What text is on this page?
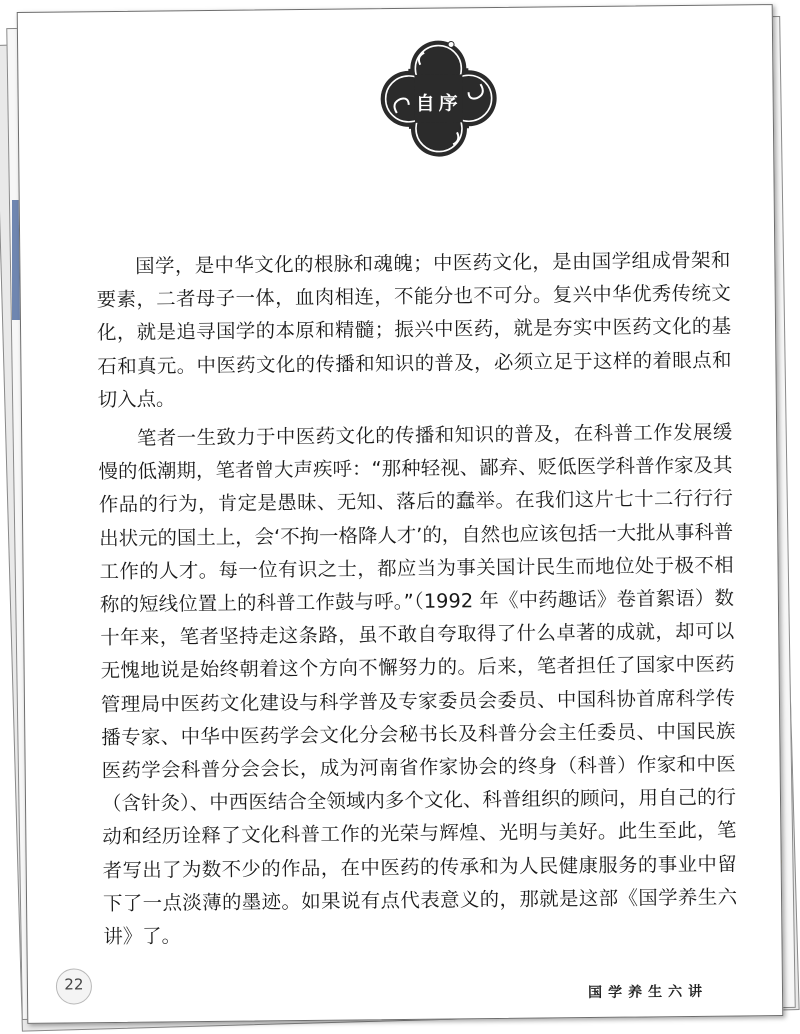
自序

国学，是中华文化的根脉和魂魄；中医药文化，是由国学组成骨架和要素，二者母子一体，血肉相连，不能分也不可分。复兴中华优秀传统文化，就是追寻国学的本原和精髓；振兴中医药，就是夯实中医药文化的基石和真元。中医药文化的传播和知识的普及，必须立足于这样的着眼点和切入点。

笔者一生致力于中医药文化的传播和知识的普及，在科普工作发展缓慢的低潮期，笔者曾大声疾呼：“那种轻视、鄙弃、贬低医学科普作家及其作品的行为，肯定是愚昧、无知、落后的蠢举。在我们这片七十二行行行出状元的国土上，会‘不拘一格降人才’的，自然也应该包括一大批从事科普工作的人才。每一位有识之士，都应当为事关国计民生而地位处于极不相称的短线位置上的科普工作鼓与呼。”（1992 年《中药趣话》卷首絮语）数十年来，笔者坚持走这条路，虽不敢自夸取得了什么卓著的成就，却可以无愧地说是始终朝着这个方向不懈努力的。后来，笔者担任了国家中医药管理局中医药文化建设与科学普及专家委员会委员、中国科协首席科学传播专家、中华中医药学会文化分会秘书长及科普分会主任委员、中国民族医药学会科普分会会长，成为河南省作家协会的终身（科普）作家和中医（含针灸）、中西医结合全领域内多个文化、科普组织的顾问，用自己的行动和经历诠释了文化科普工作的光荣与辉煌、光明与美好。此生至此，笔者写出了为数不少的作品，在中医药的传承和为人民健康服务的事业中留下了一点淡薄的墨迹。如果说有点代表意义的，那就是这部《国学养生六讲》了。

22	国学养生六讲
